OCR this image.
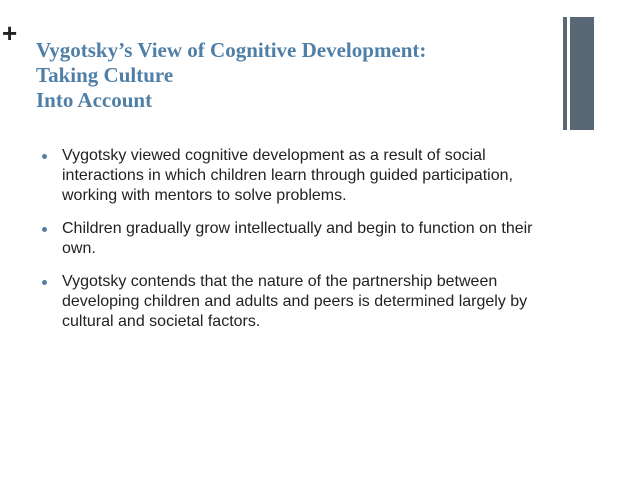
+
Vygotsky’s View of Cognitive Development:
Taking Culture
Into Account
Vygotsky viewed cognitive development as a result of social interactions in which children learn through guided participation, working with mentors to solve problems.
Children gradually grow intellectually and begin to function on their own.
Vygotsky contends that the nature of the partnership between developing children and adults and peers is determined largely by cultural and societal factors.
